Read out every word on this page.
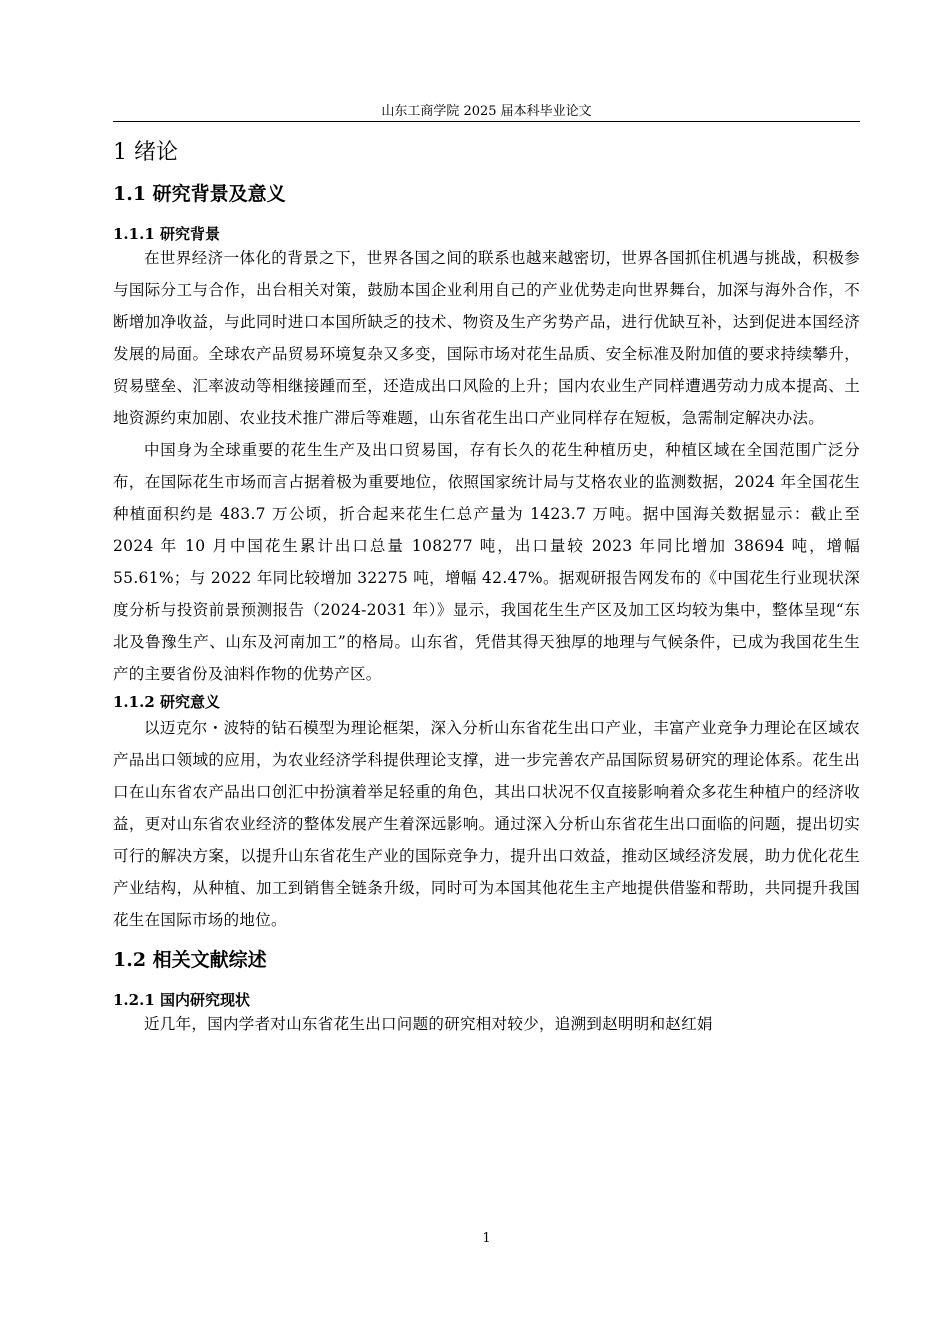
山东工商学院 2025 届本科毕业论文
1 绪论
1.1 研究背景及意义
1.1.1 研究背景

在世界经济一体化的背景之下，世界各国之间的联系也越来越密切，世界各国抓住机遇与挑战，积极参与国际分工与合作，出台相关对策，鼓励本国企业利用自己的产业优势走向世界舞台，加深与海外合作，不断增加净收益，与此同时进口本国所缺乏的技术、物资及生产劣势产品，进行优缺互补，达到促进本国经济发展的局面。全球农产品贸易环境复杂又多变，国际市场对花生品质、安全标准及附加值的要求持续攀升，贸易壁垒、汇率波动等相继接踵而至，还造成出口风险的上升；国内农业生产同样遭遇劳动力成本提高、土地资源约束加剧、农业技术推广滞后等难题，山东省花生出口产业同样存在短板，急需制定解决办法。

中国身为全球重要的花生生产及出口贸易国，存有长久的花生种植历史，种植区域在全国范围广泛分布，在国际花生市场而言占据着极为重要地位，依照国家统计局与艾格农业的监测数据，2024 年全国花生种植面积约是 483.7 万公顷，折合起来花生仁总产量为 1423.7 万吨。据中国海关数据显示：截止至 2024 年 10 月中国花生累计出口总量 108277 吨，出口量较 2023 年同比增加 38694 吨，增幅 55.61%；与 2022 年同比较增加 32275 吨，增幅 42.47%。据观研报告网发布的《中国花生行业现状深度分析与投资前景预测报告（2024-2031 年）》显示，我国花生生产区及加工区均较为集中，整体呈现“东北及鲁豫生产、山东及河南加工”的格局。山东省，凭借其得天独厚的地理与气候条件，已成为我国花生生产的主要省份及油料作物的优势产区。

1.1.2 研究意义

以迈克尔・波特的钻石模型为理论框架，深入分析山东省花生出口产业，丰富产业竞争力理论在区域农产品出口领域的应用，为农业经济学科提供理论支撑，进一步完善农产品国际贸易研究的理论体系。花生出口在山东省农产品出口创汇中扮演着举足轻重的角色，其出口状况不仅直接影响着众多花生种植户的经济收益，更对山东省农业经济的整体发展产生着深远影响。通过深入分析山东省花生出口面临的问题，提出切实可行的解决方案，以提升山东省花生产业的国际竞争力，提升出口效益，推动区域经济发展，助力优化花生产业结构，从种植、加工到销售全链条升级，同时可为本国其他花生主产地提供借鉴和帮助，共同提升我国花生在国际市场的地位。

1.2 相关文献综述
1.2.1 国内研究现状

近几年，国内学者对山东省花生出口问题的研究相对较少，追溯到赵明明和赵红娟

1
